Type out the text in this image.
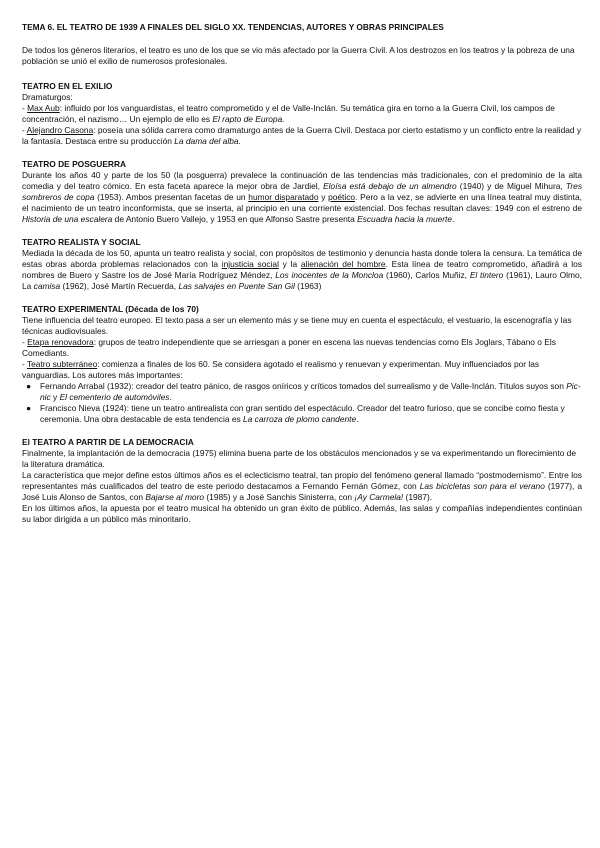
TEMA 6. EL TEATRO DE 1939 A FINALES DEL SIGLO XX. TENDENCIAS, AUTORES Y OBRAS PRINCIPALES

De todos los géneros literarios, el teatro es uno de los que se vio más afectado por la Guerra Civil. A los destrozos en los teatros y la pobreza de una población se unió el exilio de numerosos profesionales.

TEATRO EN EL EXILIO

Dramaturgos:

- Max Aub: influido por los vanguardistas, el teatro comprometido y el de Valle-Inclán. Su temática gira en torno a la Guerra Civil, los campos de concentración, el nazismo… Un ejemplo de ello es El rapto de Europa.

- Alejandro Casona: poseía una sólida carrera como dramaturgo antes de la Guerra Civil. Destaca por cierto estatismo y un conflicto entre la realidad y la fantasía. Destaca entre su producción La dama del alba.

TEATRO DE POSGUERRA

Durante los años 40 y parte de los 50 (la posguerra) prevalece la continuación de las tendencias más tradicionales, con el predominio de la alta comedia y del teatro cómico. En esta faceta aparece la mejor obra de Jardiel, Eloísa está debajo de un almendro (1940) y de Miguel Mihura, Tres sombreros de copa (1953). Ambos presentan facetas de un humor disparatado y poético. Pero a la vez, se advierte en una línea teatral muy distinta, el nacimiento de un teatro inconformista, que se inserta, al principio en una corriente existencial. Dos fechas resultan claves: 1949 con el estreno de Historia de una escalera de Antonio Buero Vallejo, y 1953 en que Alfonso Sastre presenta Escuadra hacia la muerte.

TEATRO REALISTA Y SOCIAL

Mediada la década de los 50, apunta un teatro realista y social, con propósitos de testimonio y denuncia hasta donde tolera la censura. La temática de estas obras aborda problemas relacionados con la injusticia social y la alienación del hombre. Esta línea de teatro comprometido, añadirá a los nombres de Buero y Sastre los de José María Rodríguez Méndez, Los inocentes de la Moncloa (1960), Carlos Muñiz, El tintero (1961), Lauro Olmo, La camisa (1962), José Martín Recuerda, Las salvajes en Puente San Gil (1963)

TEATRO EXPERIMENTAL (Década de los 70)

Tiene influencia del teatro europeo. El texto pasa a ser un elemento más y se tiene muy en cuenta el espectáculo, el vestuario, la escenografía y las técnicas audiovisuales.

- Etapa renovadora: grupos de teatro independiente que se arriesgan a poner en escena las nuevas tendencias como Els Joglars, Tábano o Els Comediants.

- Teatro subterráneo: comienza a finales de los 60. Se considera agotado el realismo y renuevan y experimentan. Muy influenciados por las vanguardias. Los autores más importantes:

● Fernando Arrabal (1932): creador del teatro pánico, de rasgos oníricos y críticos tomados del surrealismo y de Valle-Inclán. Títulos suyos son Pic-nic y El cementerio de automóviles.
● Francisco Nieva (1924): tiene un teatro antirealista con gran sentido del espectáculo. Creador del teatro furioso, que se concibe como fiesta y ceremonia. Una obra destacable de esta tendencia es La carroza de plomo candente.

El TEATRO A PARTIR DE LA DEMOCRACIA

Finalmente, la implantación de la democracia (1975) elimina buena parte de los obstáculos mencionados y se va experimentando un florecimiento de la literatura dramática.

La característica que mejor define estos últimos años es el eclecticismo teatral, tan propio del fenómeno general llamado “postmodernismo”. Entre los representantes más cualificados del teatro de este periodo destacamos a Fernando Fernán Gómez, con Las bicicletas son para el verano (1977), a José Luis Alonso de Santos, con Bajarse al moro (1985) y a José Sanchis Sinisterra, con ¡Ay Carmela! (1987).

En los últimos años, la apuesta por el teatro musical ha obtenido un gran éxito de público. Además, las salas y compañías independientes continúan su labor dirigida a un público más minoritario.
